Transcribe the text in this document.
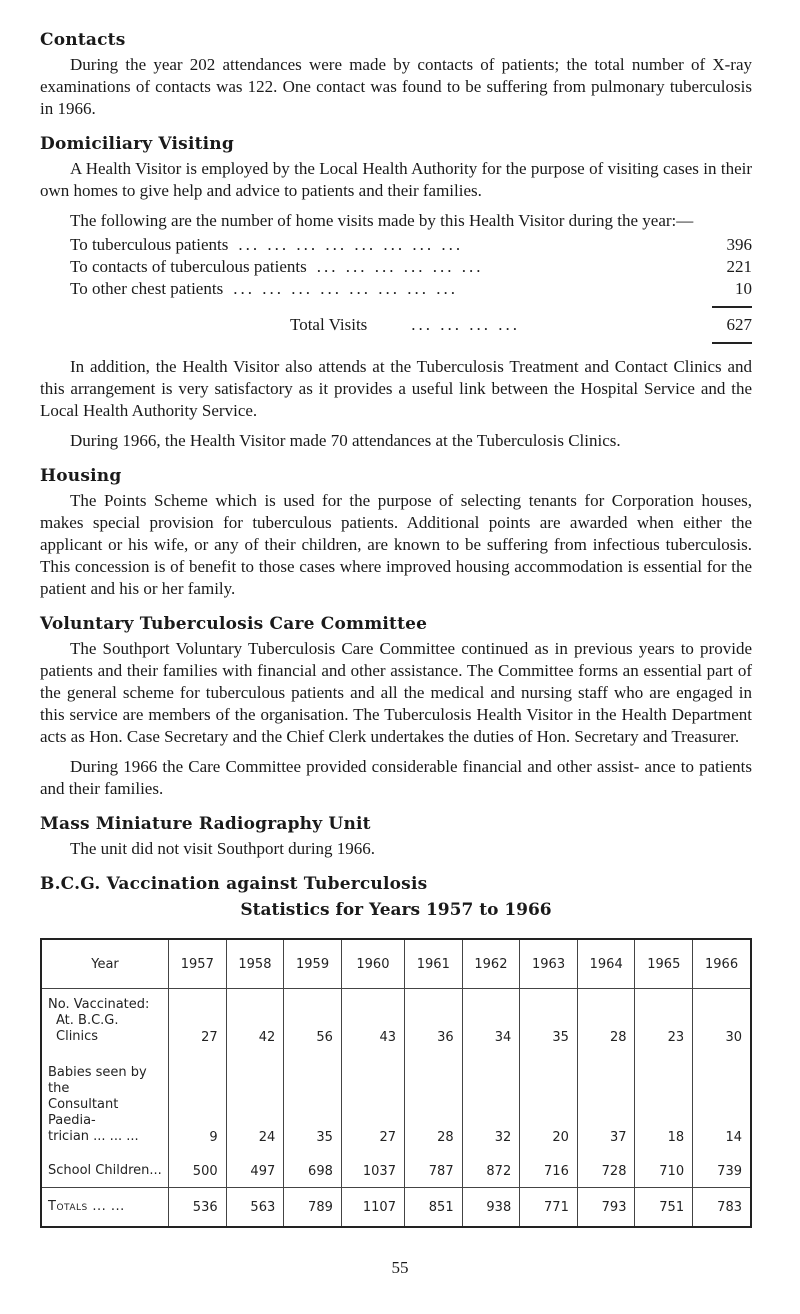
Contacts

During the year 202 attendances were made by contacts of patients; the total number of X-ray examinations of contacts was 122. One contact was found to be suffering from pulmonary tuberculosis in 1966.

Domiciliary Visiting

A Health Visitor is employed by the Local Health Authority for the purpose of visiting cases in their own homes to give help and advice to patients and their families.

The following are the number of home visits made by this Health Visitor during the year:—

To tuberculous patients ... ... ... ... ... ... ... ...	396
To contacts of tuberculous patients ... ... ... ... ... ...	221
To other chest patients ... ... ... ... ... ... ... ...	10
Total Visits	... ... ... ...	627

In addition, the Health Visitor also attends at the Tuberculosis Treatment and Contact Clinics and this arrangement is very satisfactory as it provides a useful link between the Hospital Service and the Local Health Authority Service.

During 1966, the Health Visitor made 70 attendances at the Tuberculosis Clinics.

Housing

The Points Scheme which is used for the purpose of selecting tenants for Corporation houses, makes special provision for tuberculous patients. Additional points are awarded when either the applicant or his wife, or any of their children, are known to be suffering from infectious tuberculosis. This concession is of benefit to those cases where improved housing accommodation is essential for the patient and his or her family.

Voluntary Tuberculosis Care Committee

The Southport Voluntary Tuberculosis Care Committee continued as in previous years to provide patients and their families with financial and other assistance. The Committee forms an essential part of the general scheme for tuberculous patients and all the medical and nursing staff who are engaged in this service are members of the organisation. The Tuberculosis Health Visitor in the Health Department acts as Hon. Case Secretary and the Chief Clerk undertakes the duties of Hon. Secretary and Treasurer.

During 1966 the Care Committee provided considerable financial and other assist- ance to patients and their families.

Mass Miniature Radiography Unit

The unit did not visit Southport during 1966.

B.C.G. Vaccination against Tuberculosis
Statistics for Years 1957 to 1966
Year	1957	1958	1959	1960	1961	1962	1963	1964	1965	1966

No. Vaccinated:
At. B.C.G. Clinics	27	42	56	43	36	34	35	28	23	30

Babies seen by the
Consultant Paedia-
trician ... ... ...	9	24	35	27	28	32	20	37	18	14

School Children...	500	497	698	1037	787	872	716	728	710	739
Totals ... ...	536	563	789	1107	851	938	771	793	751	783
55
